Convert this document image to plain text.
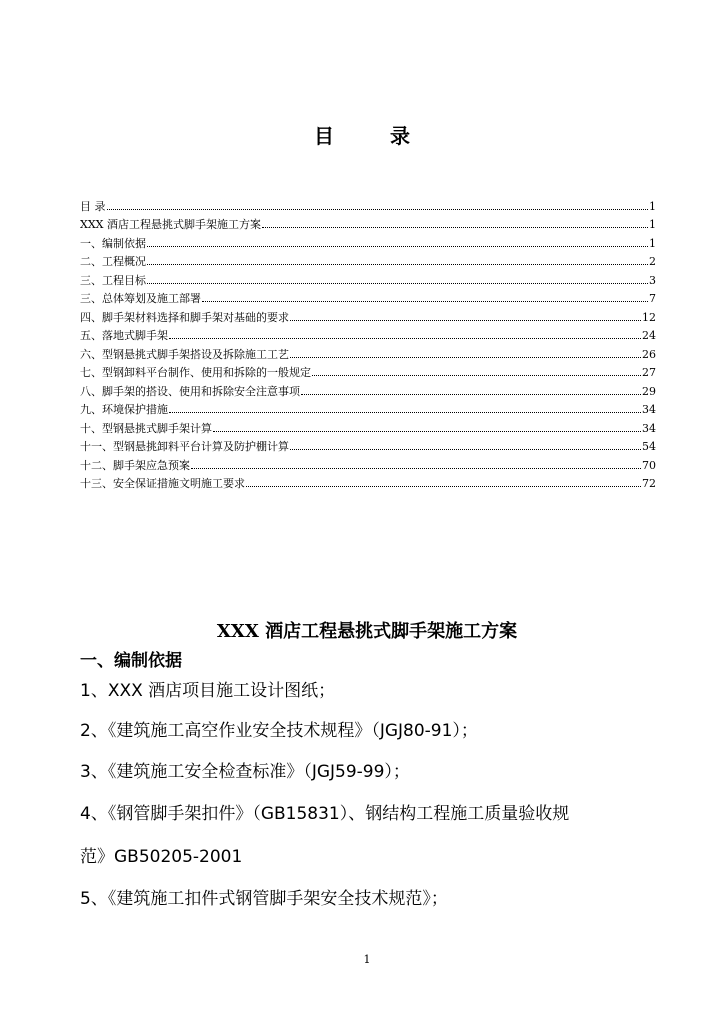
目　录
目 录	1
XXX 酒店工程悬挑式脚手架施工方案	1
一、编制依据	1
二、工程概况	2
三、工程目标	3
三、总体筹划及施工部署	7
四、脚手架材料选择和脚手架对基础的要求	12
五、落地式脚手架	24
六、型钢悬挑式脚手架搭设及拆除施工工艺	26
七、型钢卸料平台制作、使用和拆除的一般规定	27
八、脚手架的搭设、使用和拆除安全注意事项	29
九、环境保护措施	34
十、型钢悬挑式脚手架计算	34
十一、型钢悬挑卸料平台计算及防护棚计算	54
十二、脚手架应急预案	70
十三、安全保证措施文明施工要求	72
XXX 酒店工程悬挑式脚手架施工方案
一、编制依据
1、XXX 酒店项目施工设计图纸；
2、《建筑施工高空作业安全技术规程》（JGJ80-91）；
3、《建筑施工安全检查标准》（JGJ59-99）；
4、《钢管脚手架扣件》（GB15831）、钢结构工程施工质量验收规
范》GB50205-2001
5、《建筑施工扣件式钢管脚手架安全技术规范》；
1
